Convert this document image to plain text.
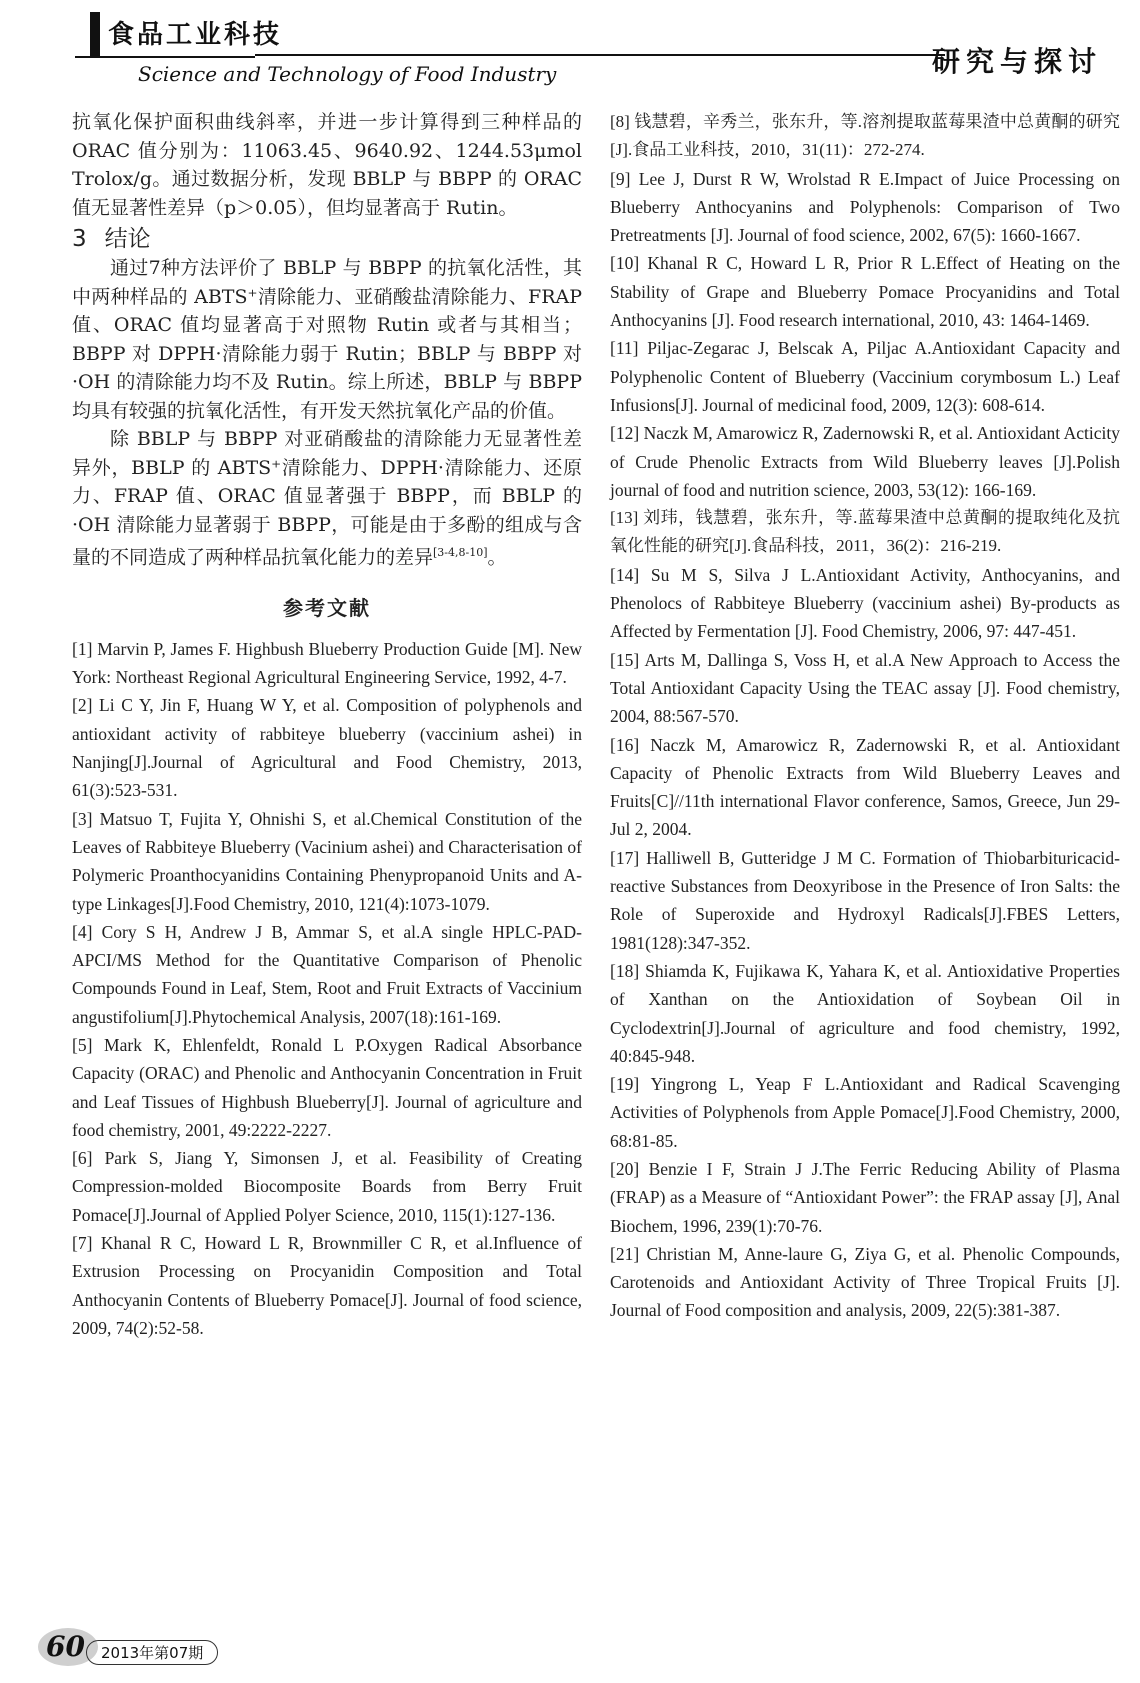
食品工业科技
Science and Technology of Food Industry	研究与探讨

抗氧化保护面积曲线斜率，并进一步计算得到三种样品的 ORAC 值分别为：11063.45、9640.92、1244.53μmol Trolox/g。通过数据分析，发现 BBLP 与 BBPP 的 ORAC 值无显著性差异（p＞0.05），但均显著高于 Rutin。

3 结论

通过7种方法评价了 BBLP 与 BBPP 的抗氧化活性，其中两种样品的 ABTS⁺清除能力、亚硝酸盐清除能力、FRAP 值、ORAC 值均显著高于对照物 Rutin 或者与其相当；BBPP 对 DPPH·清除能力弱于 Rutin；BBLP 与 BBPP 对·OH 的清除能力均不及 Rutin。综上所述，BBLP 与 BBPP 均具有较强的抗氧化活性，有开发天然抗氧化产品的价值。

除 BBLP 与 BBPP 对亚硝酸盐的清除能力无显著性差异外，BBLP 的 ABTS⁺清除能力、DPPH·清除能力、还原力、FRAP 值、ORAC 值显著强于 BBPP，而 BBLP 的·OH 清除能力显著弱于 BBPP，可能是由于多酚的组成与含量的不同造成了两种样品抗氧化能力的差异[3-4,8-10]。

参考文献

[1] Marvin P, James F. Highbush Blueberry Production Guide [M]. New York: Northeast Regional Agricultural Engineering Service, 1992, 4-7.

[2] Li C Y, Jin F, Huang W Y, et al. Composition of polyphenols and antioxidant activity of rabbiteye blueberry (vaccinium ashei) in Nanjing[J].Journal of Agricultural and Food Chemistry, 2013, 61(3):523-531.

[3] Matsuo T, Fujita Y, Ohnishi S, et al.Chemical Constitution of the Leaves of Rabbiteye Blueberry (Vacinium ashei) and Characterisation of Polymeric Proanthocyanidins Containing Phenypropanoid Units and A-type Linkages[J].Food Chemistry, 2010, 121(4):1073-1079.

[4] Cory S H, Andrew J B, Ammar S, et al.A single HPLC-PAD-APCI/MS Method for the Quantitative Comparison of Phenolic Compounds Found in Leaf, Stem, Root and Fruit Extracts of Vaccinium angustifolium[J].Phytochemical Analysis, 2007(18):161-169.

[5] Mark K, Ehlenfeldt, Ronald L P.Oxygen Radical Absorbance Capacity (ORAC) and Phenolic and Anthocyanin Concentration in Fruit and Leaf Tissues of Highbush Blueberry[J]. Journal of agriculture and food chemistry, 2001, 49:2222-2227.

[6] Park S, Jiang Y, Simonsen J, et al. Feasibility of Creating Compression-molded Biocomposite Boards from Berry Fruit Pomace[J].Journal of Applied Polyer Science, 2010, 115(1):127-136.

[7] Khanal R C, Howard L R, Brownmiller C R, et al.Influence of Extrusion Processing on Procyanidin Composition and Total Anthocyanin Contents of Blueberry Pomace[J]. Journal of food science, 2009, 74(2):52-58.

[8] 钱慧碧，辛秀兰，张东升，等.溶剂提取蓝莓果渣中总黄酮的研究[J].食品工业科技，2010，31(11)：272-274.

[9] Lee J, Durst R W, Wrolstad R E.Impact of Juice Processing on Blueberry Anthocyanins and Polyphenols: Comparison of Two Pretreatments [J]. Journal of food science, 2002, 67(5): 1660-1667.

[10] Khanal R C, Howard L R, Prior R L.Effect of Heating on the Stability of Grape and Blueberry Pomace Procyanidins and Total Anthocyanins [J]. Food research international, 2010, 43: 1464-1469.

[11] Piljac-Zegarac J, Belscak A, Piljac A.Antioxidant Capacity and Polyphenolic Content of Blueberry (Vaccinium corymbosum L.) Leaf Infusions[J]. Journal of medicinal food, 2009, 12(3): 608-614.

[12] Naczk M, Amarowicz R, Zadernowski R, et al. Antioxidant Acticity of Crude Phenolic Extracts from Wild Blueberry leaves [J].Polish journal of food and nutrition science, 2003, 53(12): 166-169.

[13] 刘玮，钱慧碧，张东升，等.蓝莓果渣中总黄酮的提取纯化及抗氧化性能的研究[J].食品科技，2011，36(2)：216-219.

[14] Su M S, Silva J L.Antioxidant Activity, Anthocyanins, and Phenolocs of Rabbiteye Blueberry (vaccinium ashei) By-products as Affected by Fermentation [J]. Food Chemistry, 2006, 97: 447-451.

[15] Arts M, Dallinga S, Voss H, et al.A New Approach to Access the Total Antioxidant Capacity Using the TEAC assay [J]. Food chemistry, 2004, 88:567-570.

[16] Naczk M, Amarowicz R, Zadernowski R, et al. Antioxidant Capacity of Phenolic Extracts from Wild Blueberry Leaves and Fruits[C]//11th international Flavor conference, Samos, Greece, Jun 29-Jul 2, 2004.

[17] Halliwell B, Gutteridge J M C. Formation of Thiobarbituricacid-reactive Substances from Deoxyribose in the Presence of Iron Salts: the Role of Superoxide and Hydroxyl Radicals[J].FBES Letters, 1981(128):347-352.

[18] Shiamda K, Fujikawa K, Yahara K, et al. Antioxidative Properties of Xanthan on the Antioxidation of Soybean Oil in Cyclodextrin[J].Journal of agriculture and food chemistry, 1992, 40:845-948.

[19] Yingrong L, Yeap F L.Antioxidant and Radical Scavenging Activities of Polyphenols from Apple Pomace[J].Food Chemistry, 2000, 68:81-85.

[20] Benzie I F, Strain J J.The Ferric Reducing Ability of Plasma (FRAP) as a Measure of “Antioxidant Power”: the FRAP assay [J], Anal Biochem, 1996, 239(1):70-76.

[21] Christian M, Anne-laure G, Ziya G, et al. Phenolic Compounds, Carotenoids and Antioxidant Activity of Three Tropical Fruits [J]. Journal of Food composition and analysis, 2009, 22(5):381-387.

60	2013年第07期
